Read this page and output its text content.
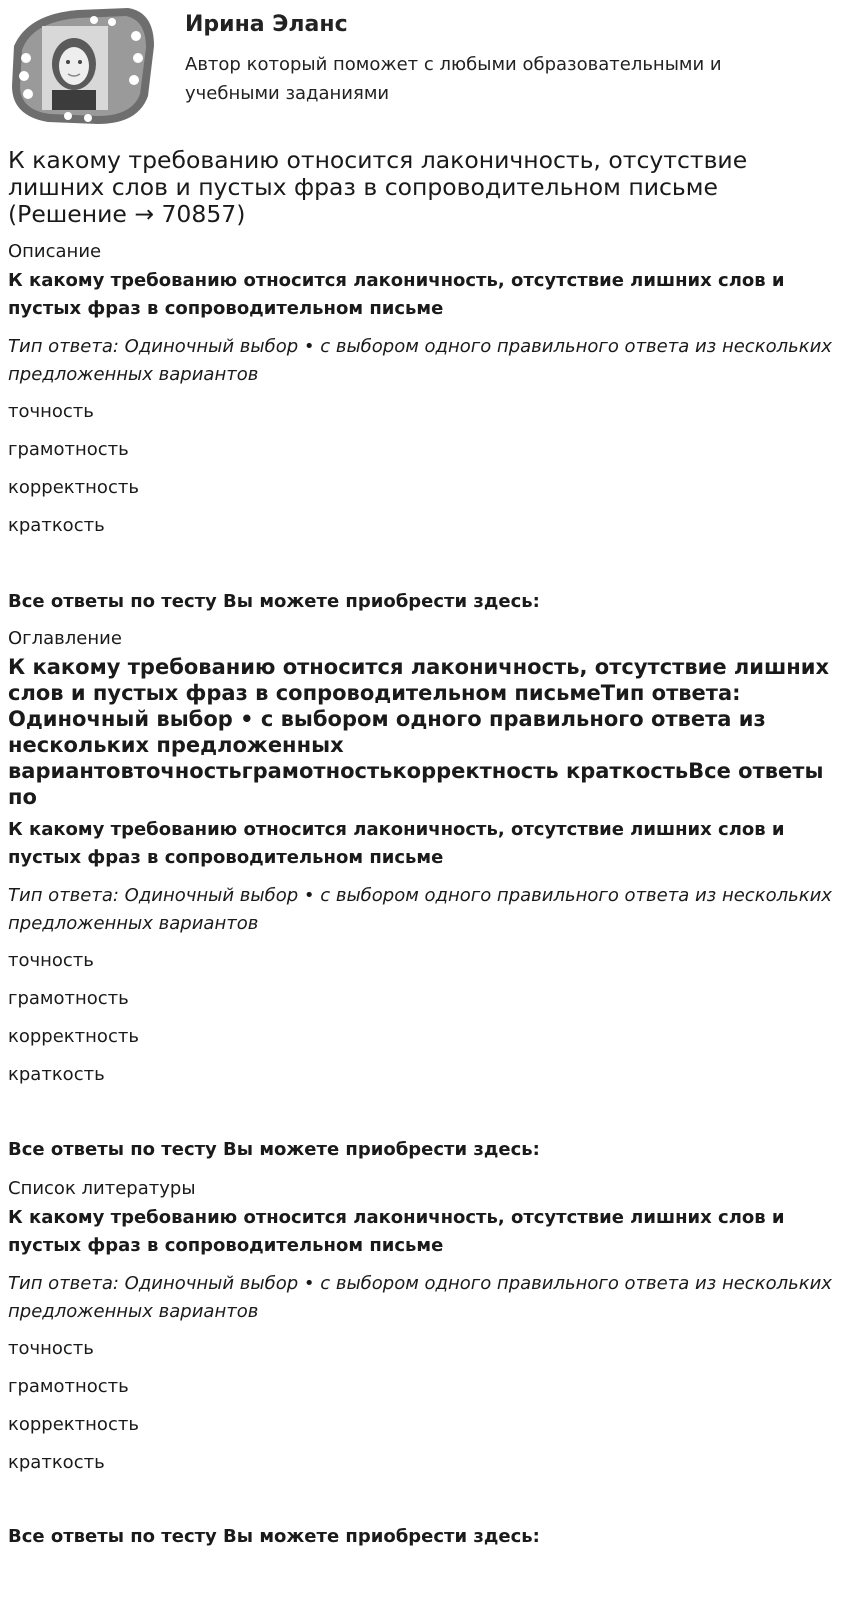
Ирина Эланс

Автор который поможет с любыми образовательными и учебными заданиями

К какому требованию относится лаконичность, отсутствие лишних слов и пустых фраз в сопроводительном письме (Решение → 70857)

Описание

К какому требованию относится лаконичность, отсутствие лишних слов и пустых фраз в сопроводительном письме

Тип ответа: Одиночный выбор • с выбором одного правильного ответа из нескольких предложенных вариантов

точность
грамотность
корректность
краткость

Все ответы по тесту Вы можете приобрести здесь:

Оглавление

К какому требованию относится лаконичность, отсутствие лишних слов и пустых фраз в сопроводительном письмеТип ответа: Одиночный выбор • с выбором одного правильного ответа из нескольких предложенных вариантовточностьграмотностькорректность краткостьВсе ответы по

К какому требованию относится лаконичность, отсутствие лишних слов и пустых фраз в сопроводительном письме

Тип ответа: Одиночный выбор • с выбором одного правильного ответа из нескольких предложенных вариантов

точность
грамотность
корректность
краткость

Все ответы по тесту Вы можете приобрести здесь:

Список литературы

К какому требованию относится лаконичность, отсутствие лишних слов и пустых фраз в сопроводительном письме

Тип ответа: Одиночный выбор • с выбором одного правильного ответа из нескольких предложенных вариантов

точность
грамотность
корректность
краткость

Все ответы по тесту Вы можете приобрести здесь:
